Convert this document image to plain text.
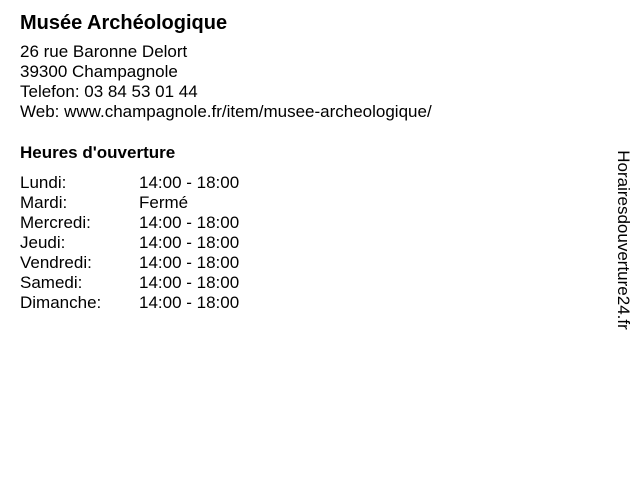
Musée Archéologique
26 rue Baronne Delort
39300 Champagnole
Telefon: 03 84 53 01 44
Web: www.champagnole.fr/item/musee-archeologique/
Heures d'ouverture
Lundi:	14:00 - 18:00
Mardi:	Fermé
Mercredi:	14:00 - 18:00
Jeudi:	14:00 - 18:00
Vendredi:	14:00 - 18:00
Samedi:	14:00 - 18:00
Dimanche:	14:00 - 18:00	Horairesdouverture24.fr
